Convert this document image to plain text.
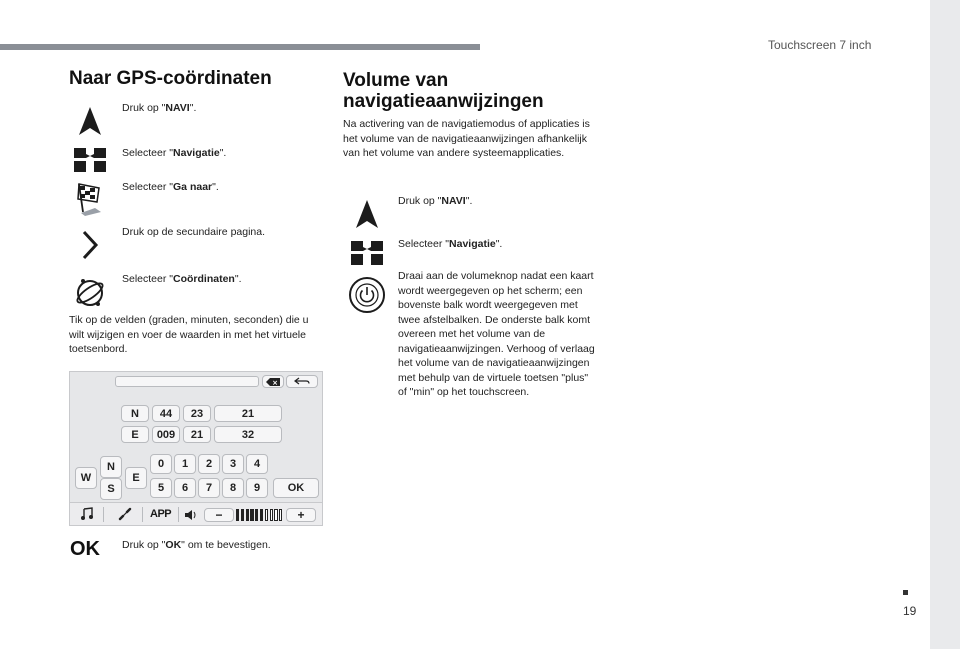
Touchscreen 7 inch
19
Naar GPS-coördinaten
Druk op "NAVI".
Selecteer "Navigatie".
Selecteer "Ga naar".
Druk op de secundaire pagina.
Selecteer "Coördinaten".
Tik op de velden (graden, minuten, seconden) die u wilt wijzigen en voer de waarden in met het virtuele toetsenbord.
×
N	44	23	21
E	009	21	32
N
W	E
S
0	1	2	3	4
5	6	7	8	9	OK
APP	−	+
OK Druk op "OK" om te bevestigen.
Volume van
navigatieaanwijzingen
Na activering van de navigatiemodus of applicaties is het volume van de navigatieaanwijzingen afhankelijk van het volume van andere systeemapplicaties.
Druk op "NAVI".
Selecteer "Navigatie".
Draai aan de volumeknop nadat een kaart wordt weergegeven op het scherm; een bovenste balk wordt weergegeven met twee afstelbalken. De onderste balk komt overeen met het volume van de navigatieaanwijzingen. Verhoog of verlaag het volume van de navigatieaanwijzingen met behulp van de virtuele toetsen "plus" of "min" op het touchscreen.
